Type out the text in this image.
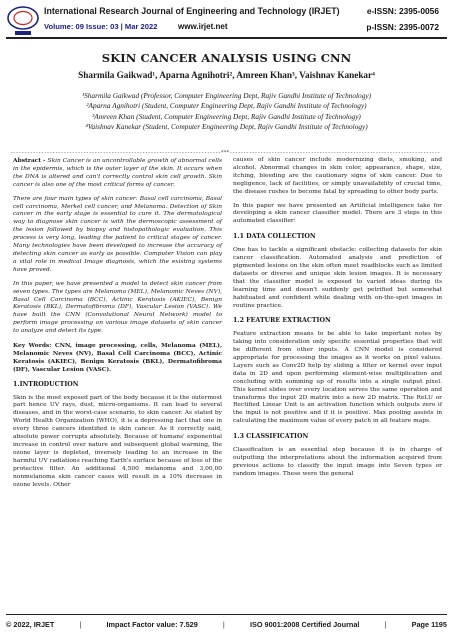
International Research Journal of Engineering and Technology (IRJET)
Volume: 09 Issue: 03 | Mar 2022	www.irjet.net
e-ISSN: 2395-0056
p-ISSN: 2395-0072
SKIN CANCER ANALYSIS USING CNN
Sharmila Gaikwad¹, Aparna Agnihotri², Amreen Khan³, Vaishnav Kanekar⁴
¹Sharmila Gaikwad (Professor, Computer Engineering Dept, Rajiv Gandhi Institute of Technology)
²Aparna Agnihotri (Student, Computer Engineering Dept, Rajiv Gandhi Institute of Technology)
³Amreen Khan (Student, Computer Engineering Dept, Rajiv Gandhi Institute of Technology)
⁴Vaishnav Kanekar (Student, Computer Engineering Dept, Rajiv Gandhi Institute of Technology)
---------------------------------------------------------------------------***---------------------------------------------------------------------------

Abstract - Skin Cancer is an uncontrollable growth of abnormal cells in the epidermis, which is the outer layer of the skin. It occurs when the DNA is altered and can't correctly control skin cell growth. Skin cancer is also one of the most critical forms of cancer.

There are four main types of skin cancer: Basal cell carcinoma, Basal cell carcinoma, Merkel cell cancer, and Melanoma. Detection of Skin cancer in the early stage is essential to cure it. The dermatological way to diagnose skin cancer is with the dermoscopic assessment of the lesion followed by biopsy and histopathologic evaluation. This process is very long, leading the patient to critical stages of cancer. Many technologies have been developed to increase the accuracy of detecting skin cancer as early as possible. Computer Vision can play a vital role in medical Image diagnosis, which the existing systems have proved.

In this paper, we have presented a model to detect skin cancer from seven types. The types are Melanoma (MEL), Melanomic Neves (NV), Basal Cell Carcinoma (BCC), Actinic Keratosis (AKIEC), Benign Keratosis (BKL), Dermatofibroma (DF), Vascular Lesion (VASC). We have built the CNN (Convolutional Neural Network) model to perform image processing on various image datasets of skin cancer to analyze and detect its type.

Key Words: CNN, image processing, cells, Melanoma (MEL), Melanomic Neves (NV), Basal Cell Carcinoma (BCC), Actinic Keratosis (AKIEC), Benign Keratosis (BKL), Dermatofibroma (DF), Vascular Lesion (VASC).

1.INTRODUCTION

Skin is the most exposed part of the body because it is the outermost part hence UV rays, dust, micro-organisms. It can lead to several diseases, and in the worst-case scenario, to skin cancer. As stated by World Health Organization (WHO), it is a depressing fact that one in every three cancers identified is skin cancer. As it correctly said, absolute power corrupts absolutely. Because of humans' exponential increase in control over nature and subsequent global warming, the ozone layer is depleted, inversely leading to an increase in the harmful UV radiations reaching Earth's surface because of loss of the protective filter. An additional 4,500 melanoma and 3,00,00 nonmelanoma skin cancer cases will result in a 10% decrease in ozone levels. Other

causes of skin cancer include modernizing diets, smoking, and alcohol. Abnormal changes in skin color, appearance, shape, size, itching, bleeding are the cautionary signs of skin cancer. Due to negligence, lack of facilities, or simply unavailability of crucial time, the disease rushes to become fatal by spreading to other body parts.

In this paper we have presented an Artificial intelligence take for developing a skin cancer classifier model. There are 3 steps in this automated classifier:

1.1 DATA COLLECTION

One has to tackle a significant obstacle: collecting datasets for skin cancer classification. Automated analysis and prediction of pigmented lesions on the skin often meet roadblocks such as limited datasets or diverse and unique skin lesion images. It is necessary that the classifier model is exposed to varied ideas during its learning time and doesn't suddenly get petrified but somewhat habituated and confident while dealing with on-the-spot images in routine practice.

1.2 FEATURE EXTRACTION

Feature extraction means to be able to take important notes by taking into consideration only specific essential properties that will be different from other inputs. A CNN model is considered appropriate for processing the images as it works on pixel values. Layers such as Conv2D help by sliding a filter or kernel over input data in 2D and upon performing element-wise multiplication and concluding with summing up of results into a single output pixel. This kernel slides over every location serves the same operation and transforms the input 2D matrix into a new 2D matrix. The ReLU or Rectified Linear Unit is an activation function which outputs zero if the input is not positive and if it is positive. Max pooling assists in calculating the maximum value of every patch in all feature maps.

1.3 CLASSIFICATION

Classification is an essential step because it is in charge of outputting the interpretations about the information acquired from previous actions to classify the input image into Seven types or random images. These were the general

© 2022, IRJET	|	Impact Factor value: 7.529	|	ISO 9001:2008 Certified Journal	|	Page 1195
